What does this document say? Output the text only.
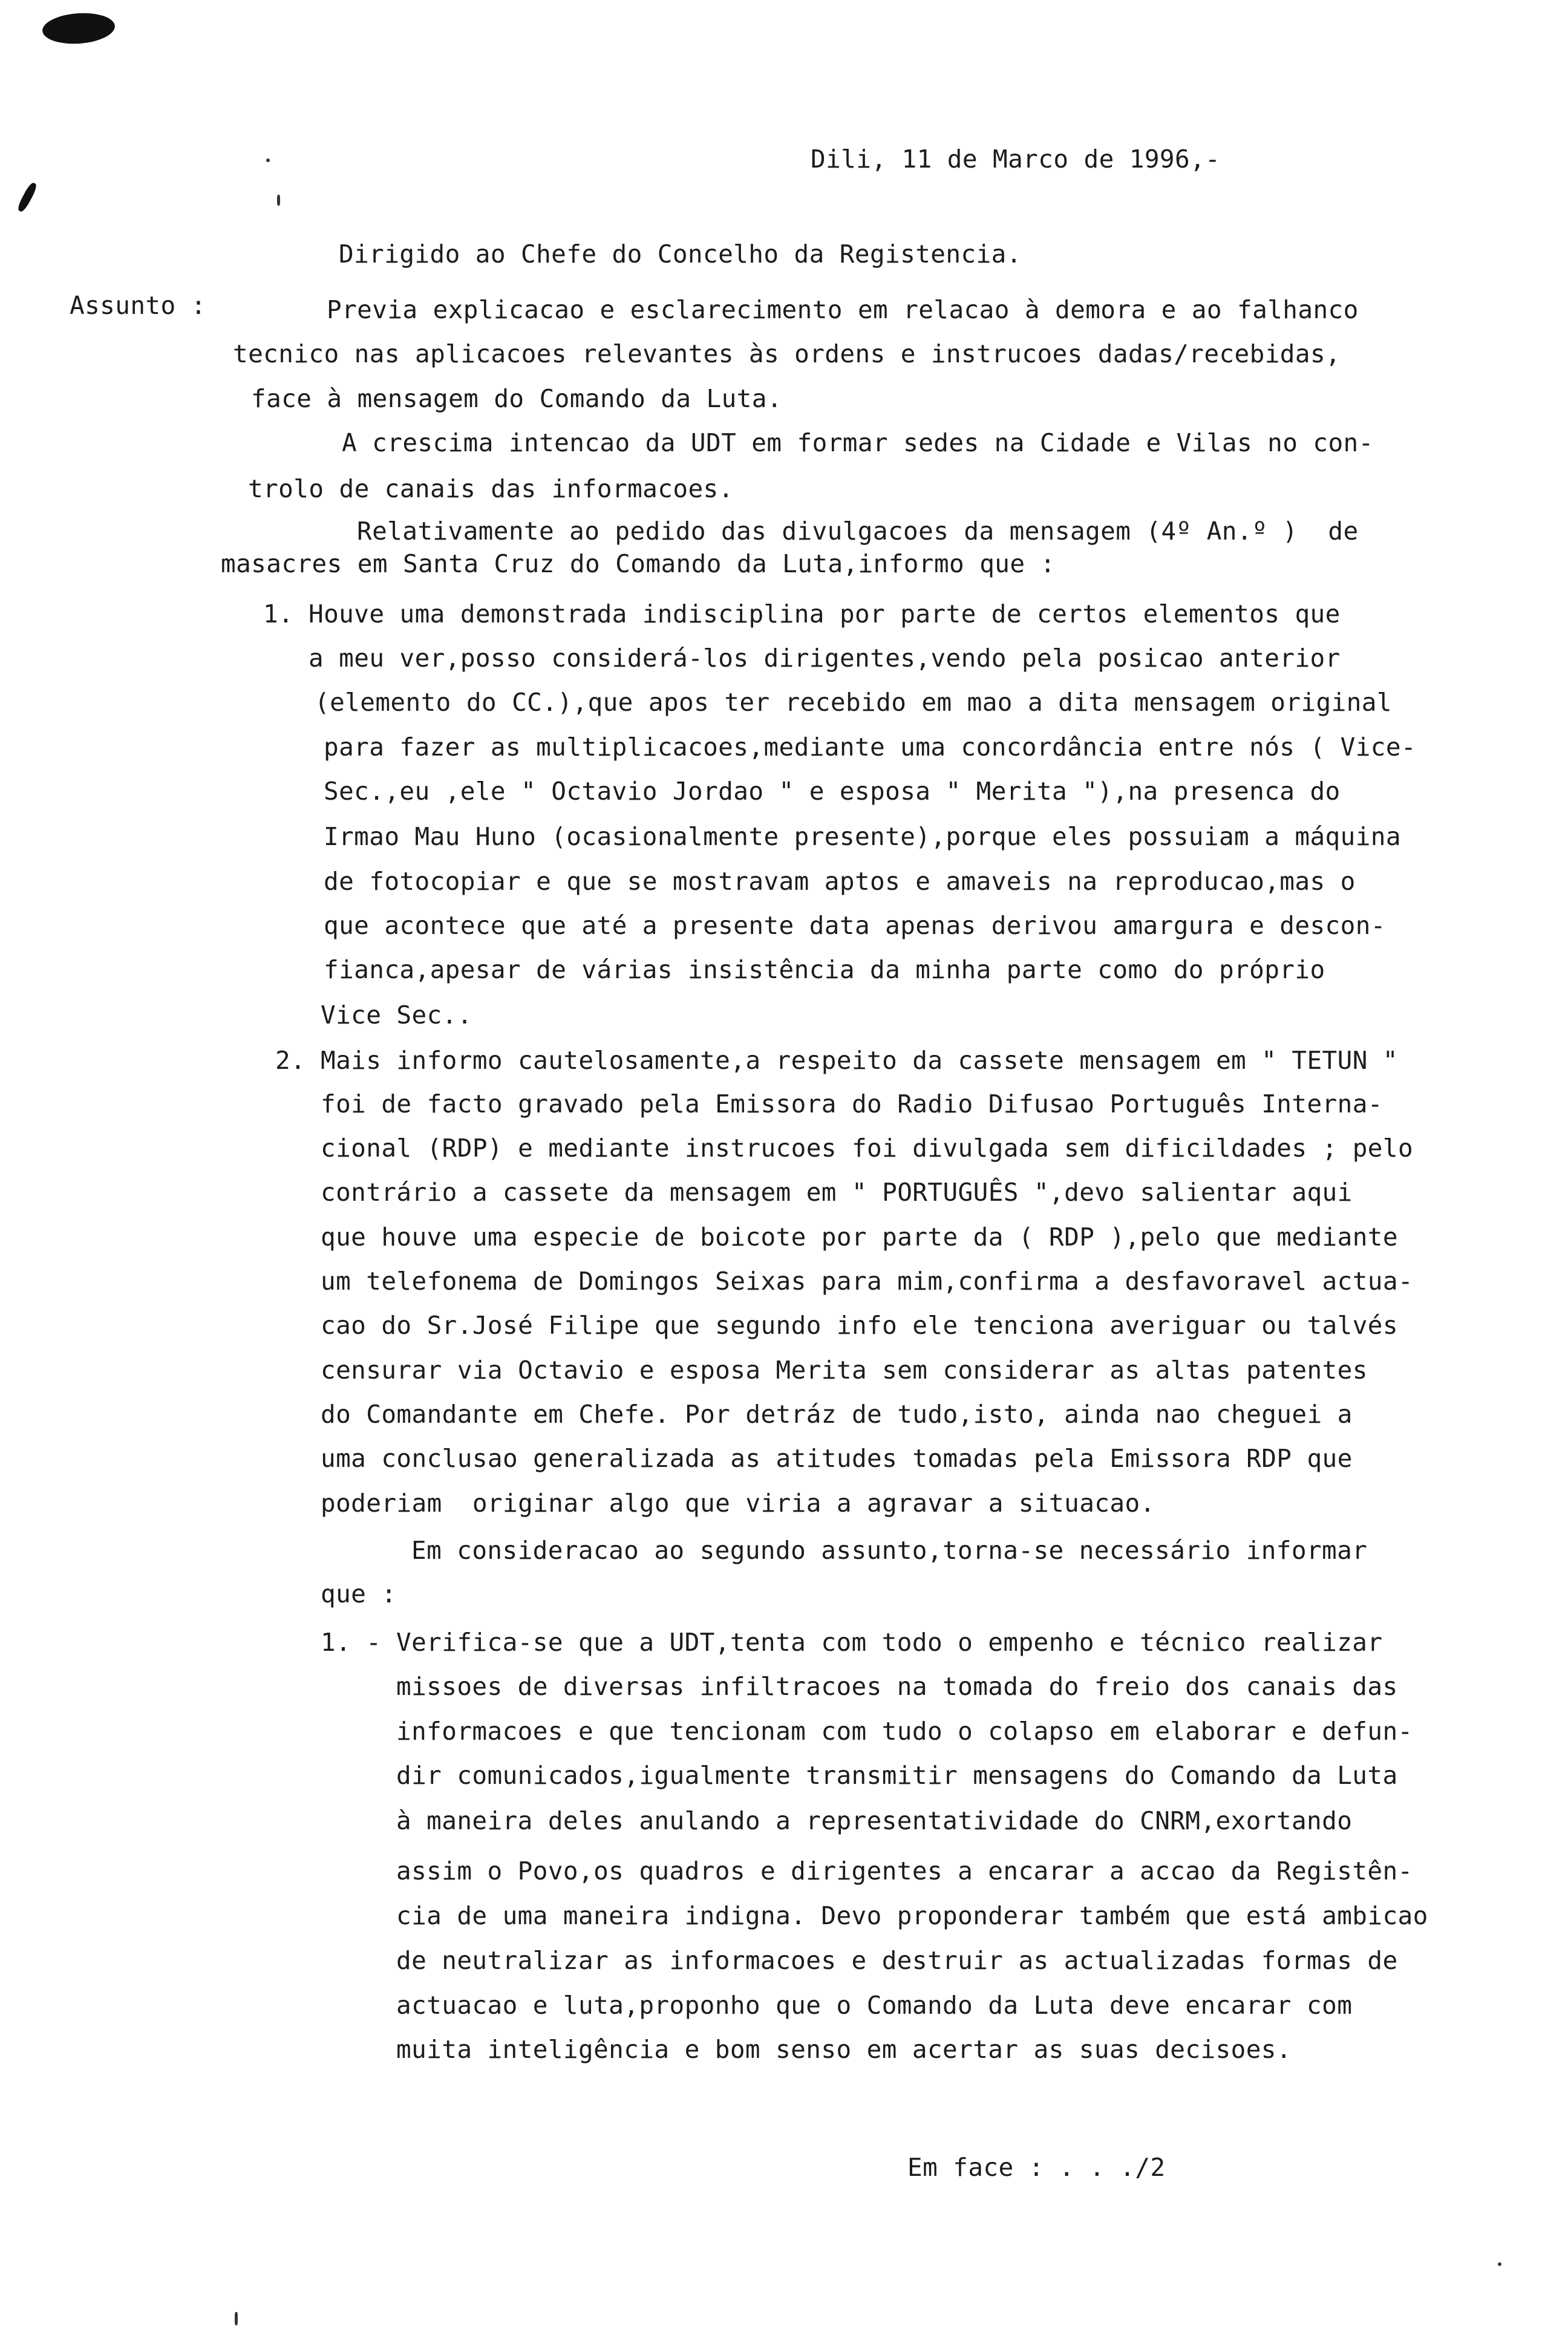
Dili, 11 de Marco de 1996,-
Dirigido ao Chefe do Concelho da Registencia.
Assunto :	Previa explicacao e esclarecimento em relacao à demora e ao falhanco
tecnico nas aplicacoes relevantes às ordens e instrucoes dadas/recebidas,
face à mensagem do Comando da Luta.
A crescima intencao da UDT em formar sedes na Cidade e Vilas no con-
trolo de canais das informacoes.
Relativamente ao pedido das divulgacoes da mensagem (4º An.º )  de
masacres em Santa Cruz do Comando da Luta,informo que :
1. Houve uma demonstrada indisciplina por parte de certos elementos que
a meu ver,posso considerá-los dirigentes,vendo pela posicao anterior
(elemento do CC.),que apos ter recebido em mao a dita mensagem original
para fazer as multiplicacoes,mediante uma concordância entre nós ( Vice-
Sec.,eu ,ele " Octavio Jordao " e esposa " Merita "),na presenca do
Irmao Mau Huno (ocasionalmente presente),porque eles possuiam a máquina
de fotocopiar e que se mostravam aptos e amaveis na reproducao,mas o
que acontece que até a presente data apenas derivou amargura e descon-
fianca,apesar de várias insistência da minha parte como do próprio
Vice Sec..
2. Mais informo cautelosamente,a respeito da cassete mensagem em " TETUN "
foi de facto gravado pela Emissora do Radio Difusao Português Interna-
cional (RDP) e mediante instrucoes foi divulgada sem dificildades ; pelo
contrário a cassete da mensagem em " PORTUGUÊS ",devo salientar aqui
que houve uma especie de boicote por parte da ( RDP ),pelo que mediante
um telefonema de Domingos Seixas para mim,confirma a desfavoravel actua-
cao do Sr.José Filipe que segundo info ele tenciona averiguar ou talvés
censurar via Octavio e esposa Merita sem considerar as altas patentes
do Comandante em Chefe. Por detráz de tudo,isto, ainda nao cheguei a
uma conclusao generalizada as atitudes tomadas pela Emissora RDP que
poderiam  originar algo que viria a agravar a situacao.
Em consideracao ao segundo assunto,torna-se necessário informar
que :
1. - Verifica-se que a UDT,tenta com todo o empenho e técnico realizar
missoes de diversas infiltracoes na tomada do freio dos canais das
informacoes e que tencionam com tudo o colapso em elaborar e defun-
dir comunicados,igualmente transmitir mensagens do Comando da Luta
à maneira deles anulando a representatividade do CNRM,exortando
assim o Povo,os quadros e dirigentes a encarar a accao da Registên-
cia de uma maneira indigna. Devo proponderar também que está ambicao
de neutralizar as informacoes e destruir as actualizadas formas de
actuacao e luta,proponho que o Comando da Luta deve encarar com
muita inteligência e bom senso em acertar as suas decisoes.
Em face : . . ./2
